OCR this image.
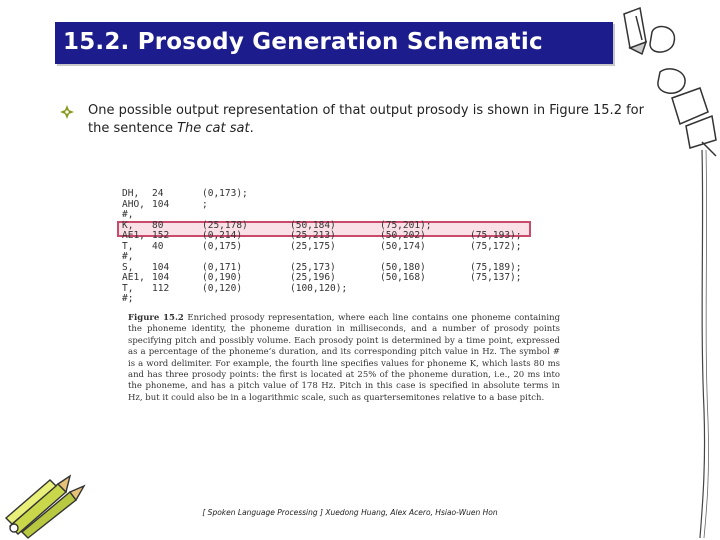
15.2. Prosody Generation Schematic
One possible output representation of that output prosody is shown in Figure 15.2 for the sentence The cat sat.
DH, 24	(0,173);
AHO, 104	;
#,
K, 80	(25,178)	(50,184)	(75,201);
AE1, 152	(0,214)	(25,213)	(50,202)	(75,193);
T, 40	(0,175)	(25,175)	(50,174)	(75,172);
#,
S, 104	(0,171)	(25,173)	(50,180)	(75,189);
AE1, 104	(0,190)	(25,196)	(50,168)	(75,137);
T, 112	(0,120)	(100,120);
#;
Figure 15.2 Enriched prosody representation, where each line contains one phoneme containing the phoneme identity, the phoneme duration in milliseconds, and a number of prosody points specifying pitch and possibly volume. Each prosody point is determined by a time point, expressed as a percentage of the phoneme’s duration, and its corresponding pitch value in Hz. The symbol # is a word delimiter. For example, the fourth line specifies values for phoneme K, which lasts 80 ms and has three prosody points: the first is located at 25% of the phoneme duration, i.e., 20 ms into the phoneme, and has a pitch value of 178 Hz. Pitch in this case is specified in absolute terms in Hz, but it could also be in a logarithmic scale, such as quartersemitones relative to a base pitch.
[ Spoken Language Processing ] Xuedong Huang, Alex Acero, Hsiao-Wuen Hon
